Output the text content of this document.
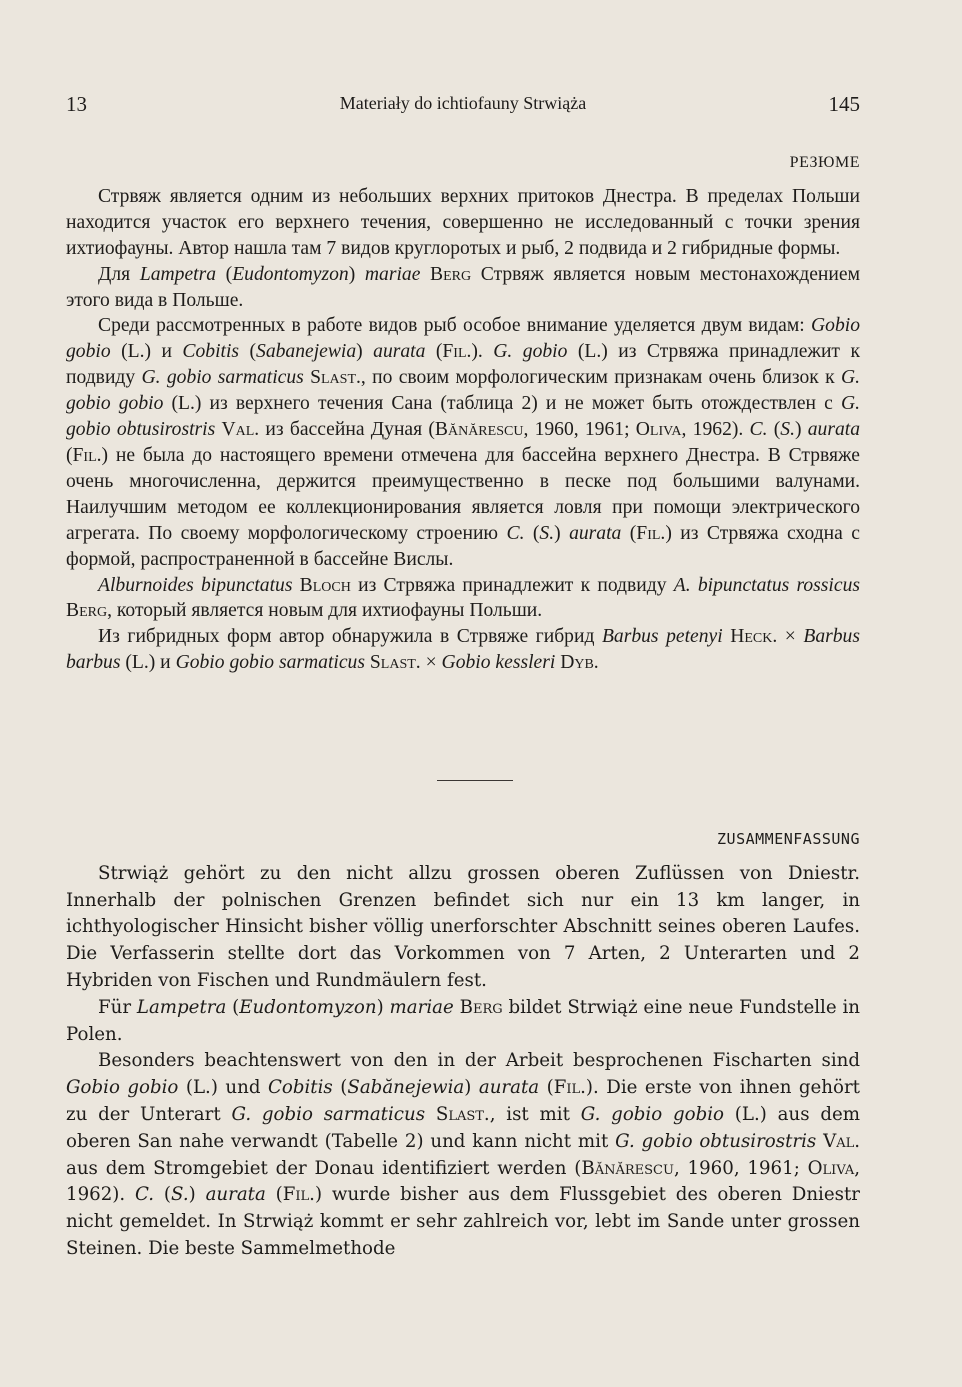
13	Materiały do ichtiofauny Strwiąża	145
РЕЗЮМЕ

Стрвяж является одним из небольших верхних притоков Днестра. В пределах Польши находится участок его верхнего течения, совершенно не исследованный с точки зрения ихтиофауны. Автор нашла там 7 видов круглоротых и рыб, 2 подвида и 2 гибридные формы.

Для Lampetra (Eudontomyzon) mariae Berg Стрвяж является новым местонахождением этого вида в Польше.

Среди рассмотренных в работе видов рыб особое внимание уделяется двум видам: Gobio gobio (L.) и Cobitis (Sabanejewia) aurata (Fil.). G. gobio (L.) из Стрвяжа принадлежит к подвиду G. gobio sarmaticus Slast., по своим морфологическим признакам очень близок к G. gobio gobio (L.) из верхнего течения Сана (таблица 2) и не может быть отождествлен с G. gobio obtusirostris Val. из бассейна Дуная (Bănărescu, 1960, 1961; Oliva, 1962). C. (S.) aurata (Fil.) не была до настоящего времени отмечена для бассейна верхнего Днестра. В Стрвяже очень многочисленна, держится преимущественно в песке под большими валунами. Наилучшим методом ее коллекционирования является ловля при помощи электрического агрегата. По своему морфологическому строению C. (S.) aurata (Fil.) из Стрвяжа сходна с формой, распространенной в бассейне Вислы.

Alburnoides bipunctatus Bloch из Стрвяжа принадлежит к подвиду A. bipunctatus rossicus Berg, который является новым для ихтиофауны Польши.

Из гибридных форм автор обнаружила в Стрвяже гибрид Barbus petenyi Heck. × Barbus barbus (L.) и Gobio gobio sarmaticus Slast. × Gobio kessleri Dyb.

ZUSAMMENFASSUNG

Strwiąż gehört zu den nicht allzu grossen oberen Zuflüssen von Dniestr. Innerhalb der polnischen Grenzen befindet sich nur ein 13 km langer, in ichthyologischer Hinsicht bisher völlig unerforschter Abschnitt seines oberen Laufes. Die Verfasserin stellte dort das Vorkommen von 7 Arten, 2 Unterarten und 2 Hybriden von Fischen und Rundmäulern fest.

Für Lampetra (Eudontomyzon) mariae Berg bildet Strwiąż eine neue Fundstelle in Polen.

Besonders beachtenswert von den in der Arbeit besprochenen Fischarten sind Gobio gobio (L.) und Cobitis (Sabănejewia) aurata (Fil.). Die erste von ihnen gehört zu der Unterart G. gobio sarmaticus Slast., ist mit G. gobio gobio (L.) aus dem oberen San nahe verwandt (Tabelle 2) und kann nicht mit G. gobio obtusirostris Val. aus dem Stromgebiet der Donau identifiziert werden (Bănărescu, 1960, 1961; Oliva, 1962). C. (S.) aurata (Fil.) wurde bisher aus dem Flussgebiet des oberen Dniestr nicht gemeldet. In Strwiąż kommt er sehr zahlreich vor, lebt im Sande unter grossen Steinen. Die beste Sammelmethode
